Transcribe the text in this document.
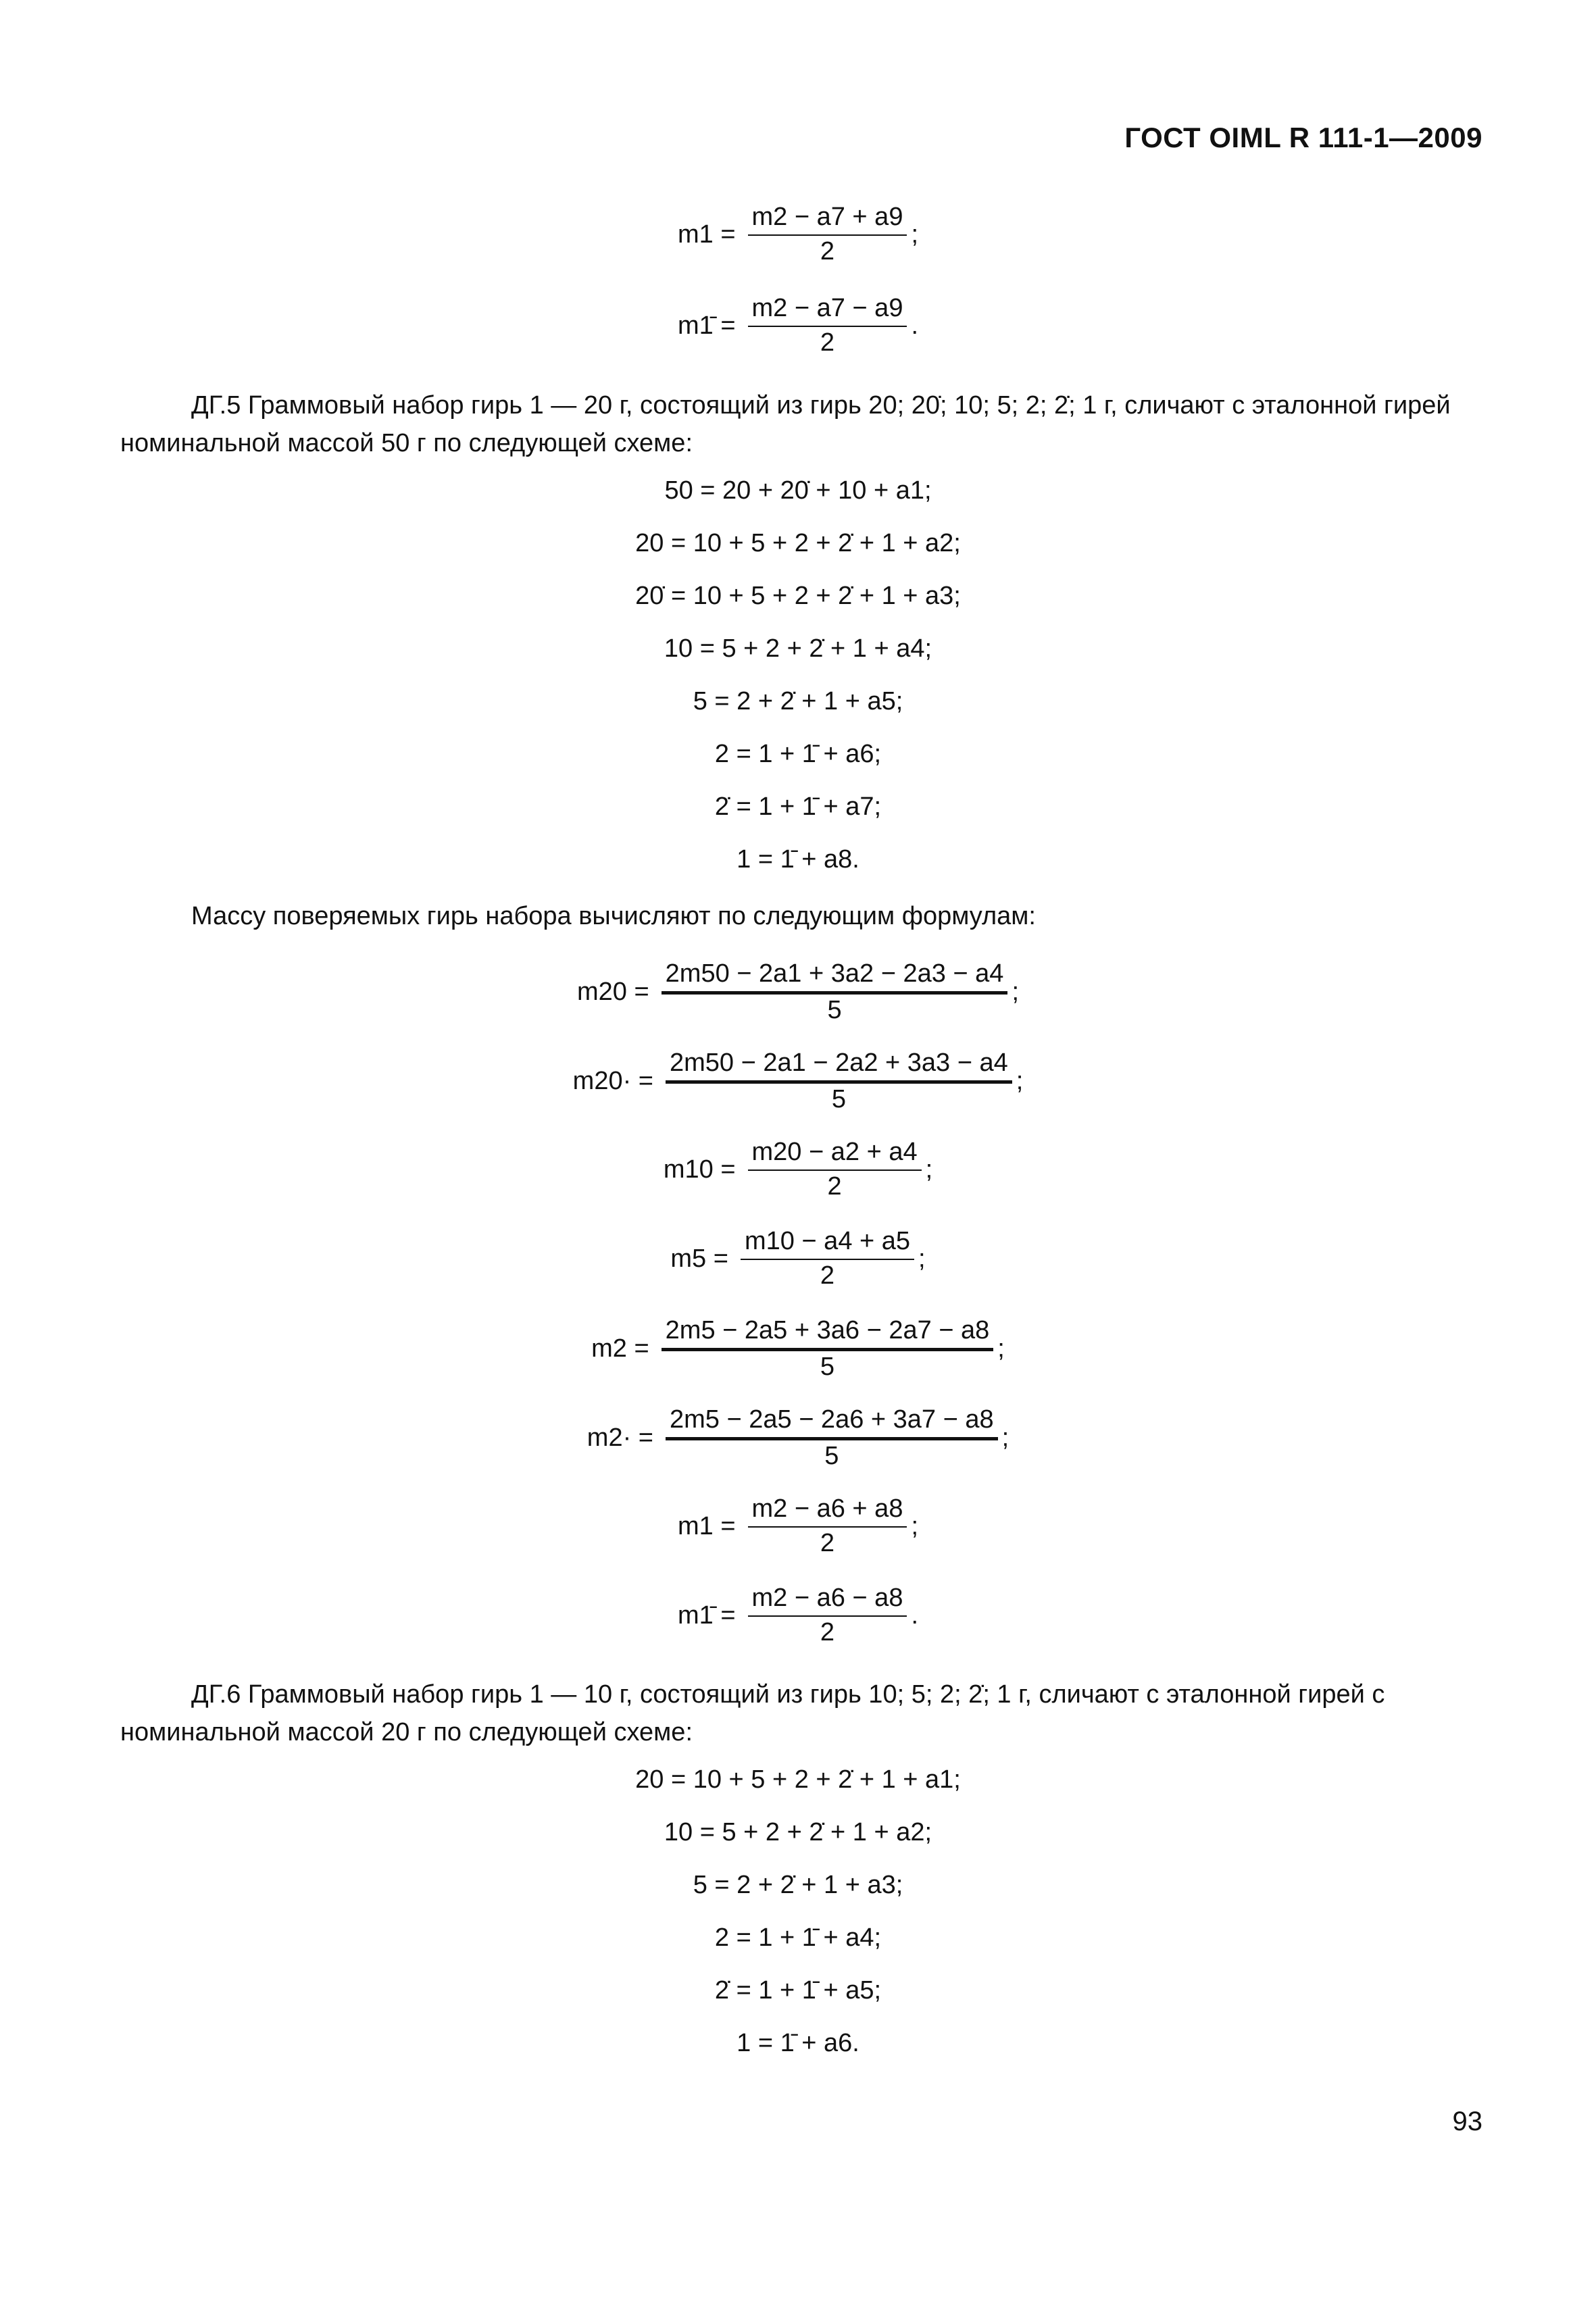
ГОСТ OIML R 111-1—2009
$m1 = \frac{m2 - a7 + a9}{2}$ ;
m1̄ = $\frac{m2 - a7 - a9}{2}$ .
ДГ.5 Граммовый набор гирь 1 — 20 г, состоящий из гирь 20; 20̇; 10; 5; 2; 2̇; 1 г, сличают с эталонной гирей
номинальной массой 50 г по следующей схеме:
50 = 20 + 20̇ + 10 + a1;
20 = 10 + 5 + 2 + 2̇ + 1 + a2;
20̇ = 10 + 5 + 2 + 2̇ + 1 + a3;
10 = 5 + 2 + 2̇ + 1 + a4;
5 = 2 + 2̇ + 1 + a5;
2 = 1 + 1̄ + a6;
2̇ = 1 + 1̄ + a7;
1 = 1̄ + a8.
Массу поверяемых гирь набора вычисляют по следующим формулам:
$m20 = \frac{2m50 - 2a1 + 3a2 - 2a3 - a4}{5}$ ;
$m20\cdot = \frac{2m50 - 2a1 - 2a2 + 3a3 - a4}{5}$ ;
$m10 = \frac{m20 - a2 + a4}{2}$ ;
$m5 = \frac{m10 - a4 + a5}{2}$ ;
$m2 = \frac{2m5 - 2a5 + 3a6 - 2a7 - a8}{5}$ ;
$m2\cdot = \frac{2m5 - 2a5 - 2a6 + 3a7 - a8}{5}$ ;
$m1 = \frac{m2 - a6 + a8}{2}$ ;
m1̄ = $\frac{m2 - a6 - a8}{2}$ .
ДГ.6 Граммовый набор гирь 1 — 10 г, состоящий из гирь 10; 5; 2; 2̇; 1 г, сличают с эталонной гирей с
номинальной массой 20 г по следующей схеме:
20 = 10 + 5 + 2 + 2̇ + 1 + a1;
10 = 5 + 2 + 2̇ + 1 + a2;
5 = 2 + 2̇ + 1 + a3;
2 = 1 + 1̄ + a4;
2̇ = 1 + 1̄ + a5;
1 = 1̄ + a6.
93
